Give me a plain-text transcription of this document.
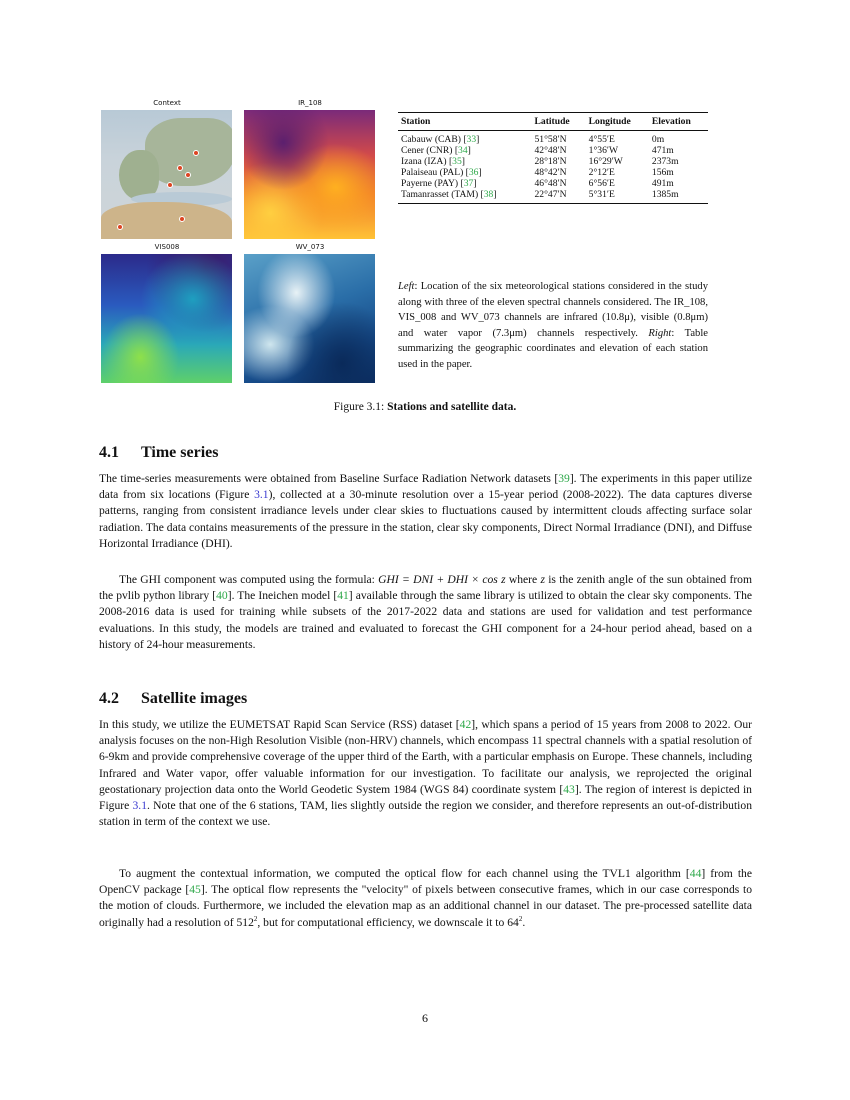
Context	IR_108
VIS008	WV_073
Station	Latitude	Longitude	Elevation
Cabauw (CAB) [33]	51°58′N	4°55′E	0m
Cener (CNR) [34]	42°48′N	1°36′W	471m
Izana (IZA) [35]	28°18′N	16°29′W	2373m
Palaiseau (PAL) [36]	48°42′N	2°12′E	156m
Payerne (PAY) [37]	46°48′N	6°56′E	491m
Tamanrasset (TAM) [38]	22°47′N	5°31′E	1385m
Left: Location of the six meteorological stations considered in the study along with three of the eleven spectral channels considered. The IR_108, VIS_008 and WV_073 channels are infrared (10.8μ), visible (0.8μm) and water vapor (7.3μm) channels respectively. Right: Table summarizing the geographic coordinates and elevation of each station used in the paper.
Figure 3.1: Stations and satellite data.
4.1 Time series

The time-series measurements were obtained from Baseline Surface Radiation Network datasets [39]. The experiments in this paper utilize data from six locations (Figure 3.1), collected at a 30-minute resolution over a 15-year period (2008-2022). The data captures diverse patterns, ranging from consistent irradiance levels under clear skies to fluctuations caused by intermittent clouds affecting surface solar radiation. The data contains measurements of the pressure in the station, clear sky components, Direct Normal Irradiance (DNI), and Diffuse Horizontal Irradiance (DHI).

The GHI component was computed using the formula: GHI = DNI + DHI × cos z where z is the zenith angle of the sun obtained from the pvlib python library [40]. The Ineichen model [41] available through the same library is utilized to obtain the clear sky components. The 2008-2016 data is used for training while subsets of the 2017-2022 data and stations are used for validation and test performance evaluations. In this study, the models are trained and evaluated to forecast the GHI component for a 24-hour period ahead, based on a history of 24-hour measurements.

4.2 Satellite images

In this study, we utilize the EUMETSAT Rapid Scan Service (RSS) dataset [42], which spans a period of 15 years from 2008 to 2022. Our analysis focuses on the non-High Resolution Visible (non-HRV) channels, which encompass 11 spectral channels with a spatial resolution of 6-9km and provide comprehensive coverage of the upper third of the Earth, with a particular emphasis on Europe. These channels, including Infrared and Water vapor, offer valuable information for our investigation. To facilitate our analysis, we reprojected the original geostationary projection data onto the World Geodetic System 1984 (WGS 84) coordinate system [43]. The region of interest is depicted in Figure 3.1. Note that one of the 6 stations, TAM, lies slightly outside the region we consider, and therefore represents an out-of-distribution station in term of the context we use.

To augment the contextual information, we computed the optical flow for each channel using the TVL1 algorithm [44] from the OpenCV package [45]. The optical flow represents the "velocity" of pixels between consecutive frames, which in our case corresponds to the motion of clouds. Furthermore, we included the elevation map as an additional channel in our dataset. The pre-processed satellite data originally had a resolution of $512^2$, but for computational efficiency, we downscale it to $64^2$.

6
